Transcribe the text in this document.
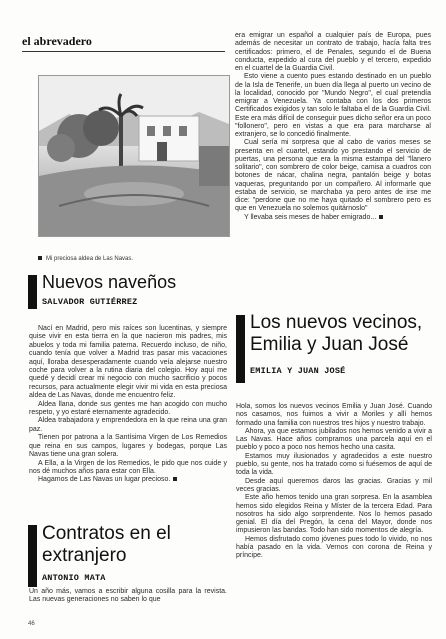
el abrevadero
Mi preciosa aldea de Las Navas.
Nuevos naveños
SALVADOR GUTIÉRREZ

Nací en Madrid, pero mis raíces son lucentinas, y siempre quise vivir en esta tierra en la que nacieron mis padres, mis abuelos y toda mi familia paterna. Recuerdo incluso, de niño, cuando tenía que volver a Madrid tras pasar mis vacaciones aquí, lloraba desesperadamente cuando veía alejarse nuestro coche para volver a la rutina diaria del colegio. Hoy aquí me quedé y decidí crear mi negocio con mucho sacrificio y pocos recursos, para actualmente elegir vivir mi vida en esta preciosa aldea de Las Navas, donde me encuentro feliz.

Aldea llana, donde sus gentes me han acogido con mucho respeto, y yo estaré eternamente agradecido.

Aldea trabajadora y emprendedora en la que reina una gran paz.

Tienen por patrona a la Santísima Virgen de Los Remedios que reina en sus campos, lugares y bodegas, porque Las Navas tiene una gran solera.

A Ella, a la Virgen de los Remedios, le pido que nos cuide y nos dé muchos años para estar con Ella.

Hagamos de Las Navas un lugar precioso.

Contratos en el
extranjero
ANTONIO MATA

Un año más, vamos a escribir alguna cosilla para la revista. Las nuevas generaciones no saben lo que

era emigrar un español a cualquier país de Europa, pues además de necesitar un contrato de trabajo, hacía falta tres certificados: primero, el de Penales, segundo el de Buena conducta, expedido al cura del pueblo y el tercero, expedido en el cuartel de la Guardia Civil.

Esto viene a cuento pues estando destinado en un pueblo de la Isla de Tenerife, un buen día llega al puerto un vecino de la localidad, conocido por "Mundo Negro", el cual pretendía emigrar a Venezuela. Ya contaba con los dos primeros Certificados exigidos y tan solo le faltaba el de la Guardia Civil. Este era más difícil de conseguir pues dicho señor era un poco "follonero", pero en vistas a que era para marcharse al extranjero, se lo concedió finalmente.

Cual sería mi sorpresa que al cabo de varios meses se presenta en el cuartel, estando yo prestando el servicio de puertas, una persona que era la misma estampa del "llanero solitario", con sombrero de color beige, camisa a cuadros con botones de nácar, chalina negra, pantalón beige y botas vaqueras, preguntando por un compañero. Al informarle que estaba de servicio, se marchaba ya pero antes de irse me dice: "perdone que no me haya quitado el sombrero pero es que en Venezuela no solemos quitárnoslo"

Y llevaba seis meses de haber emigrado...

Los nuevos vecinos,
Emilia y Juan José
EMILIA Y JUAN JOSÉ

Hola, somos los nuevos vecinos Emilia y Juan José. Cuando nos casamos, nos fuimos a vivir a Moriles y allí hemos formado una familia con nuestros tres hijos y nuestro trabajo.

Ahora, ya que estamos jubilados nos hemos venido a vivir a Las Navas. Hace años compramos una parcela aquí en el pueblo y poco a poco nos hemos hecho una casita.

Estamos muy ilusionados y agradecidos a este nuestro pueblo, su gente, nos ha tratado como si fuésemos de aquí de toda la vida.

Desde aquí queremos daros las gracias. Gracias y mil veces gracias.

Este año hemos tenido una gran sorpresa. En la asamblea hemos sido elegidos Reina y Míster de la tercera Edad. Para nosotros ha sido algo sorprendente. Nos lo hemos pasado genial. El día del Pregón, la cena del Mayor, donde nos impusieron las bandas. Todo han sido momentos de alegría.

Hemos disfrutado como jóvenes pues todo lo vivido, no nos había pasado en la vida. Vernos con corona de Reina y príncipe.

46
